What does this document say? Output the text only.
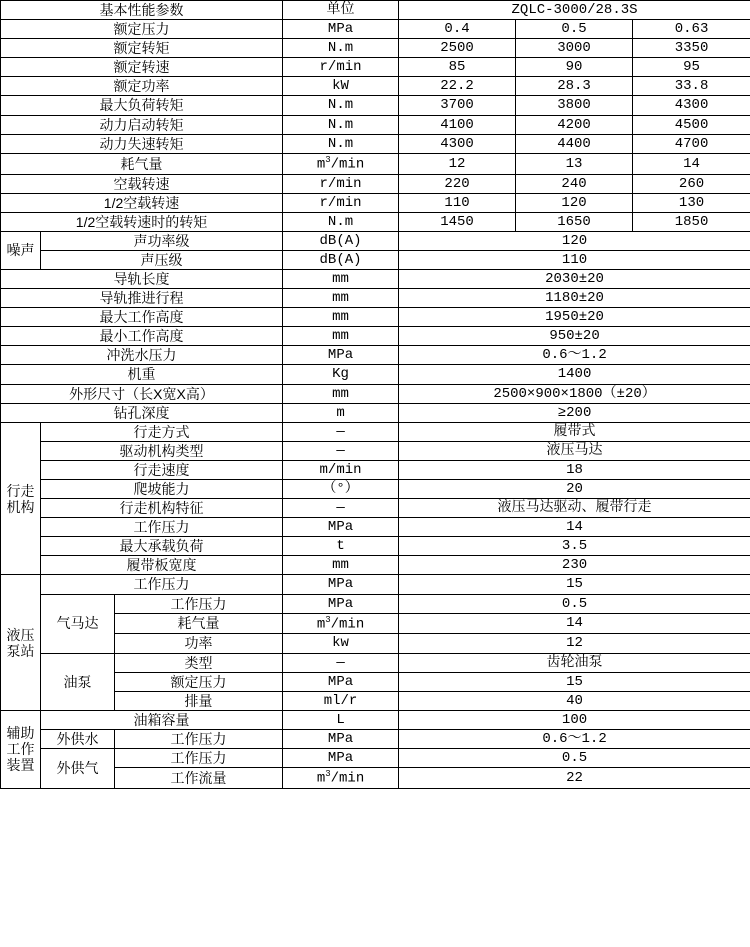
基本性能参数			单位	ZQLC-3000/28.3S		
额定压力			MPa	0.4	0.5	0.63
额定转矩			N.m	2500	3000	3350
额定转速			r/min	85	90	95
额定功率			kW	22.2	28.3	33.8
最大负荷转矩			N.m	3700	3800	4300
动力启动转矩			N.m	4100	4200	4500
动力失速转矩			N.m	4300	4400	4700
耗气量			$m^3/\min$	12	13	14
空载转速			r/min	220	240	260
1/2空载转速			r/min	110	120	130
1/2空载转速时的转矩			N.m	1450	1650	1850
噪声	声功率级		dB(A)	120		
	声压级		dB(A)	110		
导轨长度			mm	2030±20		
导轨推进行程			mm	1180±20		
最大工作高度			mm	1950±20		
最小工作高度			mm	950±20		
冲洗水压力			MPa	0.6～1.2		
机重			Kg	1400		
外形尺寸（长X宽X高）			mm	2500×900×1800（±20）		
钻孔深度			m	≥200		
行走
机构	行走方式		—	履带式		
	驱动机构类型		—	液压马达		
	行走速度		m/min	18		
	爬坡能力		（°）	20		
	行走机构特征		—	液压马达驱动、履带行走		
	工作压力		MPa	14		
	最大承载负荷		t	3.5		
	履带板宽度		mm	230		
液压
泵站	工作压力		MPa	15		
	气马达	工作压力	MPa	0.5		
		耗气量	$m^3/\min$	14		
		功率	kw	12		
	油泵	类型	—	齿轮油泵		
		额定压力	MPa	15		
		排量	ml/r	40		
辅助
工作
装置	油箱容量		L	100		
	外供水	工作压力	MPa	0.6～1.2		
	外供气	工作压力	MPa	0.5		
		工作流量	$m^3/\min$	22		
